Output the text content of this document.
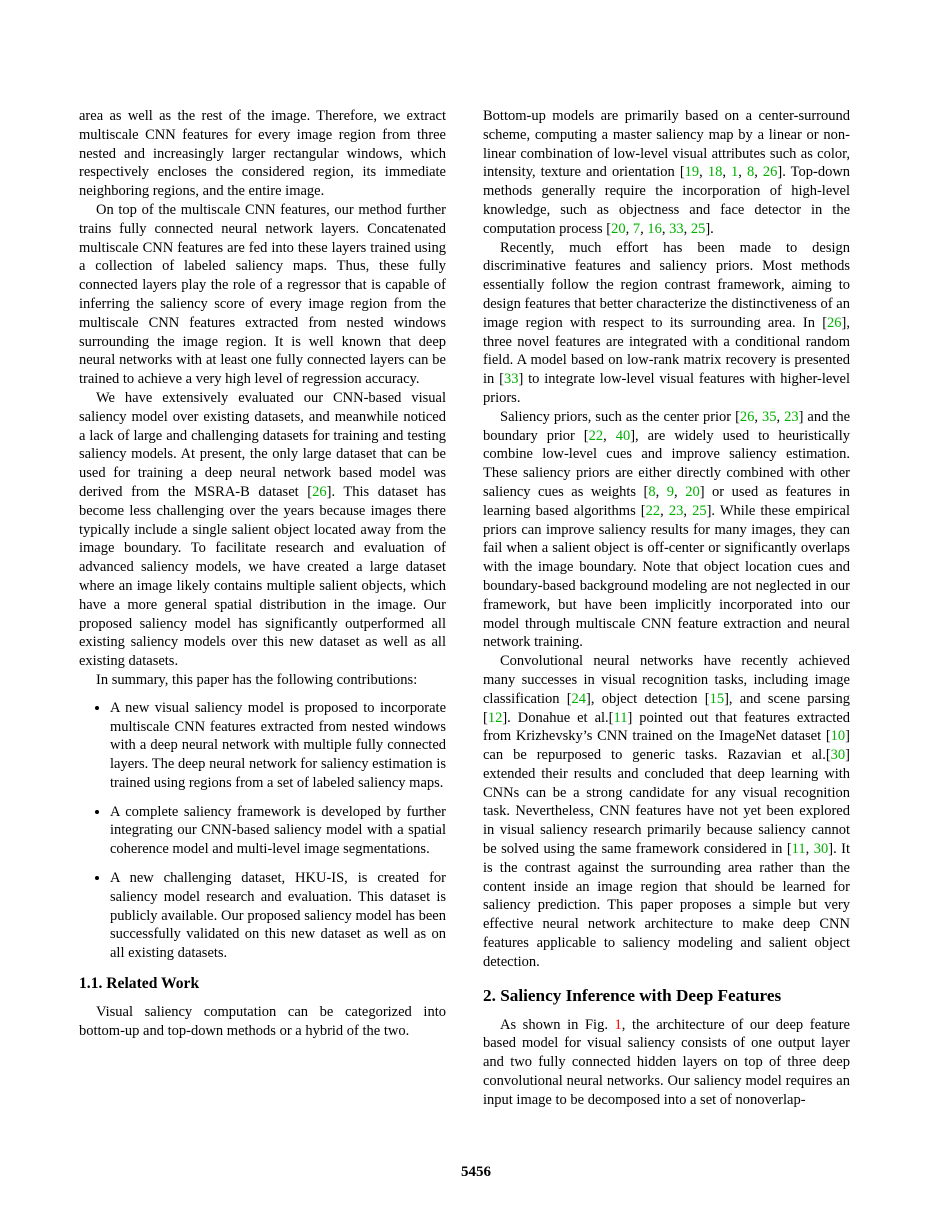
area as well as the rest of the image. Therefore, we extract multiscale CNN features for every image region from three nested and increasingly larger rectangular windows, which respectively encloses the considered region, its immediate neighboring regions, and the entire image.

On top of the multiscale CNN features, our method further trains fully connected neural network layers. Concatenated multiscale CNN features are fed into these layers trained using a collection of labeled saliency maps. Thus, these fully connected layers play the role of a regressor that is capable of inferring the saliency score of every image region from the multiscale CNN features extracted from nested windows surrounding the image region. It is well known that deep neural networks with at least one fully connected layers can be trained to achieve a very high level of regression accuracy.

We have extensively evaluated our CNN-based visual saliency model over existing datasets, and meanwhile noticed a lack of large and challenging datasets for training and testing saliency models. At present, the only large dataset that can be used for training a deep neural network based model was derived from the MSRA-B dataset [26]. This dataset has become less challenging over the years because images there typically include a single salient object located away from the image boundary. To facilitate research and evaluation of advanced saliency models, we have created a large dataset where an image likely contains multiple salient objects, which have a more general spatial distribution in the image. Our proposed saliency model has significantly outperformed all existing saliency models over this new dataset as well as all existing datasets.

In summary, this paper has the following contributions:

• A new visual saliency model is proposed to incorporate multiscale CNN features extracted from nested windows with a deep neural network with multiple fully connected layers. The deep neural network for saliency estimation is trained using regions from a set of labeled saliency maps.
• A complete saliency framework is developed by further integrating our CNN-based saliency model with a spatial coherence model and multi-level image segmentations.
• A new challenging dataset, HKU-IS, is created for saliency model research and evaluation. This dataset is publicly available. Our proposed saliency model has been successfully validated on this new dataset as well as on all existing datasets.
1.1. Related Work

Visual saliency computation can be categorized into bottom-up and top-down methods or a hybrid of the two.

Bottom-up models are primarily based on a center-surround scheme, computing a master saliency map by a linear or non-linear combination of low-level visual attributes such as color, intensity, texture and orientation [19, 18, 1, 8, 26]. Top-down methods generally require the incorporation of high-level knowledge, such as objectness and face detector in the computation process [20, 7, 16, 33, 25].

Recently, much effort has been made to design discriminative features and saliency priors. Most methods essentially follow the region contrast framework, aiming to design features that better characterize the distinctiveness of an image region with respect to its surrounding area. In [26], three novel features are integrated with a conditional random field. A model based on low-rank matrix recovery is presented in [33] to integrate low-level visual features with higher-level priors.

Saliency priors, such as the center prior [26, 35, 23] and the boundary prior [22, 40], are widely used to heuristically combine low-level cues and improve saliency estimation. These saliency priors are either directly combined with other saliency cues as weights [8, 9, 20] or used as features in learning based algorithms [22, 23, 25]. While these empirical priors can improve saliency results for many images, they can fail when a salient object is off-center or significantly overlaps with the image boundary. Note that object location cues and boundary-based background modeling are not neglected in our framework, but have been implicitly incorporated into our model through multiscale CNN feature extraction and neural network training.

Convolutional neural networks have recently achieved many successes in visual recognition tasks, including image classification [24], object detection [15], and scene parsing [12]. Donahue et al.[11] pointed out that features extracted from Krizhevsky’s CNN trained on the ImageNet dataset [10] can be repurposed to generic tasks. Razavian et al.[30] extended their results and concluded that deep learning with CNNs can be a strong candidate for any visual recognition task. Nevertheless, CNN features have not yet been explored in visual saliency research primarily because saliency cannot be solved using the same framework considered in [11, 30]. It is the contrast against the surrounding area rather than the content inside an image region that should be learned for saliency prediction. This paper proposes a simple but very effective neural network architecture to make deep CNN features applicable to saliency modeling and salient object detection.

2. Saliency Inference with Deep Features

As shown in Fig. 1, the architecture of our deep feature based model for visual saliency consists of one output layer and two fully connected hidden layers on top of three deep convolutional neural networks. Our saliency model requires an input image to be decomposed into a set of nonoverlap-

5456
